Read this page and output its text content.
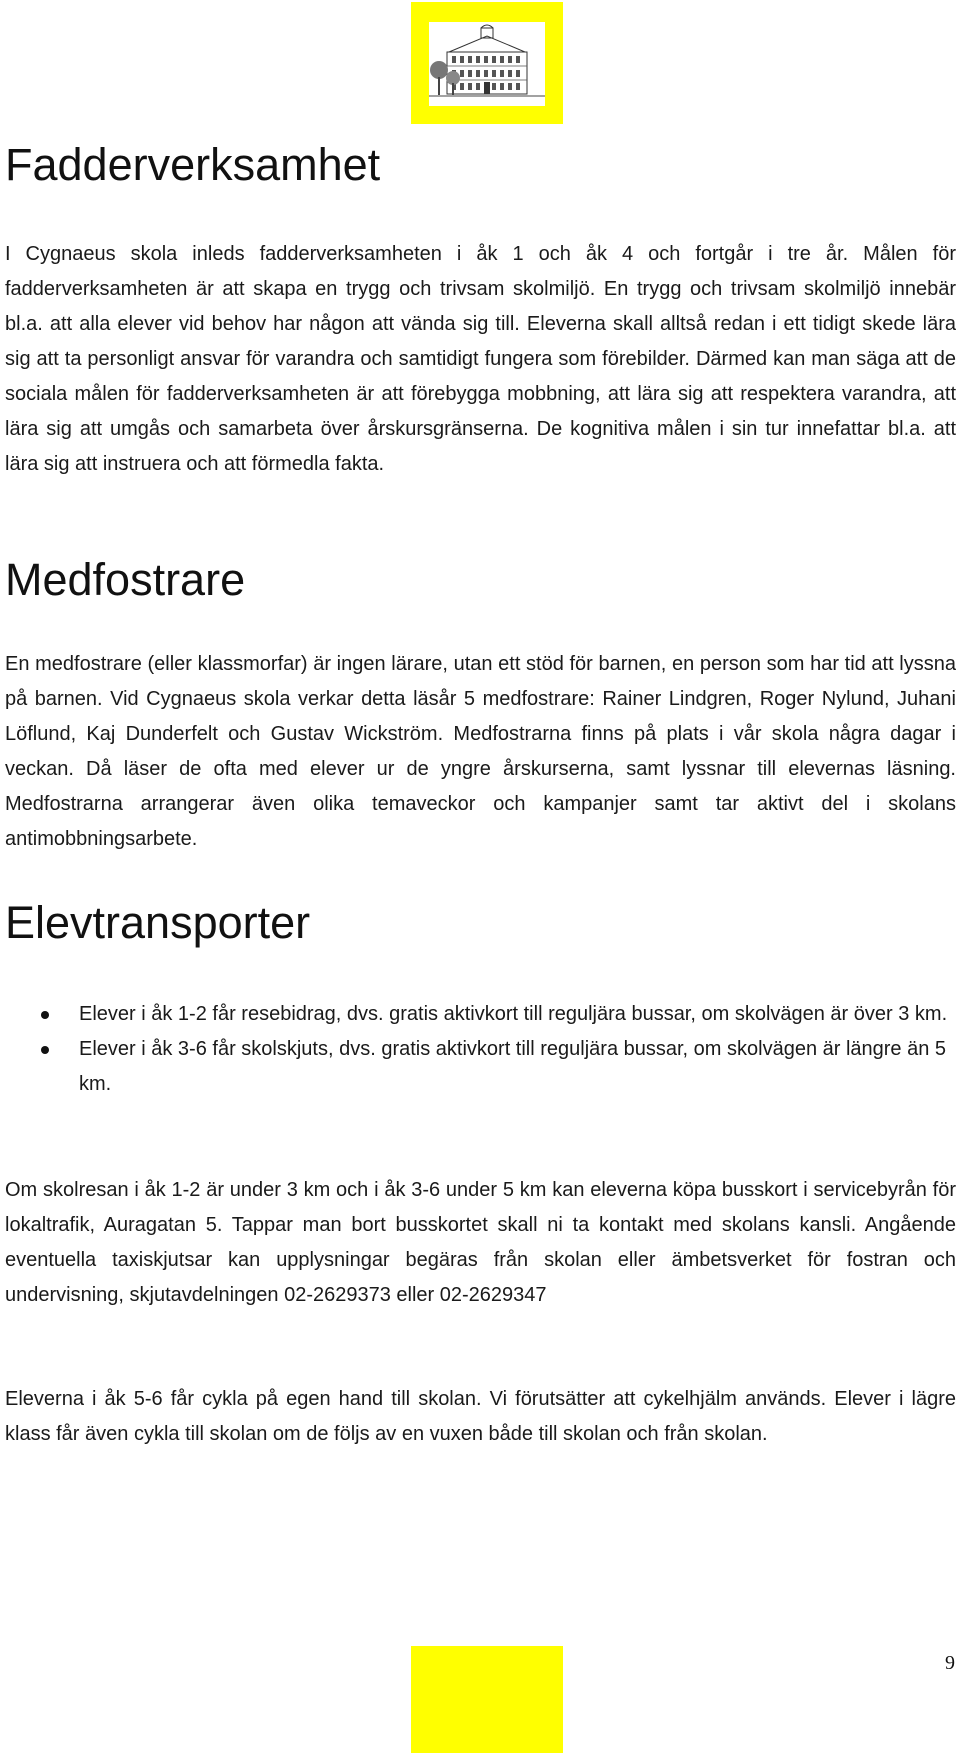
Fadderverksamhet

I Cygnaeus skola inleds fadderverksamheten i åk 1 och åk 4 och fortgår i tre år. Målen för fadderverksamheten är att skapa en trygg och trivsam skolmiljö. En trygg och trivsam skolmiljö innebär bl.a. att alla elever vid behov har någon att vända sig till. Eleverna skall alltså redan i ett tidigt skede lära sig att ta personligt ansvar för varandra och samtidigt fungera som förebilder. Därmed kan man säga att de sociala målen för fadderverksamheten är att förebygga mobbning, att lära sig att respektera varandra, att lära sig att umgås och samarbeta över årskursgränserna. De kognitiva målen i sin tur innefattar bl.a. att lära sig att instruera och att förmedla fakta.

Medfostrare

En medfostrare (eller klassmorfar) är ingen lärare, utan ett stöd för barnen, en person som har tid att lyssna på barnen. Vid Cygnaeus skola verkar detta läsår 5 medfostrare: Rainer Lindgren, Roger Nylund, Juhani Löflund, Kaj Dunderfelt och Gustav Wickström. Medfostrarna finns på plats i vår skola några dagar i veckan. Då läser de ofta med elever ur de yngre årskurserna, samt lyssnar till elevernas läsning. Medfostrarna arrangerar även olika temaveckor och kampanjer samt tar aktivt del i skolans antimobbningsarbete.

Elevtransporter
Elever i åk 1-2 får resebidrag, dvs. gratis aktivkort till reguljära bussar, om skolvägen är över 3 km.
Elever i åk 3-6 får skolskjuts, dvs. gratis aktivkort till reguljära bussar, om skolvägen är längre än 5 km.

Om skolresan i åk 1-2 är under 3 km och i åk 3-6 under 5 km kan eleverna köpa busskort i servicebyrån för lokaltrafik, Auragatan 5. Tappar man bort busskortet skall ni ta kontakt med skolans kansli. Angående eventuella taxiskjutsar kan upplysningar begäras från skolan eller ämbetsverket för fostran och undervisning, skjutavdelningen 02-2629373 eller 02-2629347

Eleverna i åk 5-6 får cykla på egen hand till skolan. Vi förutsätter att cykelhjälm används. Elever i lägre klass får även cykla till skolan om de följs av en vuxen både till skolan och från skolan.

9
